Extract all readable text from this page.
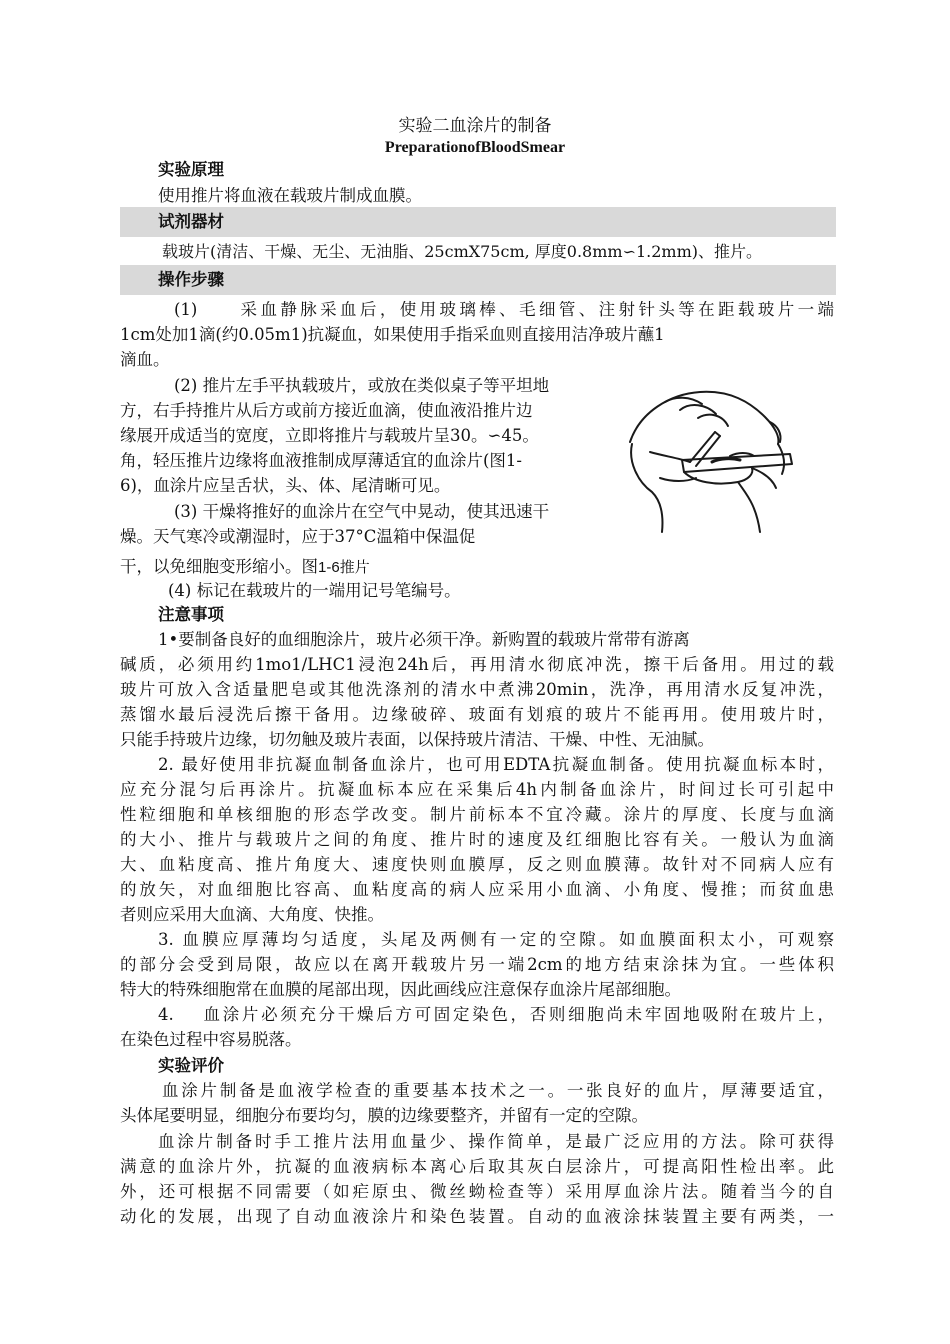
实验二血涂片的制备
PreparationofBloodSmear
实验原理
使用推片将血液在载玻片制成血膜。
试剂器材
载玻片(清洁、干燥、无尘、无油脂、25cmX75cm, 厚度0.8mm∽1.2mm)、推片。
操作步骤
(1)　　采血静脉采血后，使用玻璃棒、毛细管、注射针头等在距载玻片一端
1cm处加1滴(约0.05m1)抗凝血，如果使用手指采血则直接用洁净玻片蘸1
滴血。
(2) 推片左手平执载玻片，或放在类似桌子等平坦地
方，右手持推片从后方或前方接近血滴，使血液沿推片边
缘展开成适当的宽度，立即将推片与载玻片呈30。∽45。
角，轻压推片边缘将血液推制成厚薄适宜的血涂片(图1-
6)，血涂片应呈舌状，头、体、尾清晰可见。
(3) 干燥将推好的血涂片在空气中晃动，使其迅速干
燥。天气寒冷或潮湿时，应于37°C温箱中保温促
干，以免细胞变形缩小。图1-6推片
(4) 标记在载玻片的一端用记号笔编号。
注意事项
1•要制备良好的血细胞涂片，玻片必须干净。新购置的载玻片常带有游离
碱质，必须用约1mo1/LHC1浸泡24h后，再用清水彻底冲洗，擦干后备用。用过的载
玻片可放入含适量肥皂或其他洗涤剂的清水中煮沸20min，洗净，再用清水反复冲洗，
蒸馏水最后浸洗后擦干备用。边缘破碎、玻面有划痕的玻片不能再用。使用玻片时，
只能手持玻片边缘，切勿触及玻片表面，以保持玻片清洁、干燥、中性、无油腻。
2. 最好使用非抗凝血制备血涂片，也可用EDTA抗凝血制备。使用抗凝血标本时，
应充分混匀后再涂片。抗凝血标本应在采集后4h内制备血涂片，时间过长可引起中
性粒细胞和单核细胞的形态学改变。制片前标本不宜冷藏。涂片的厚度、长度与血滴
的大小、推片与载玻片之间的角度、推片时的速度及红细胞比容有关。一般认为血滴
大、血粘度高、推片角度大、速度快则血膜厚，反之则血膜薄。故针对不同病人应有
的放矢，对血细胞比容高、血粘度高的病人应采用小血滴、小角度、慢推；而贫血患
者则应采用大血滴、大角度、快推。
3. 血膜应厚薄均匀适度，头尾及两侧有一定的空隙。如血膜面积太小，可观察
的部分会受到局限，故应以在离开载玻片另一端2cm的地方结束涂抹为宜。一些体积
特大的特殊细胞常在血膜的尾部出现，因此画线应注意保存血涂片尾部细胞。
4.　 血涂片必须充分干燥后方可固定染色，否则细胞尚未牢固地吸附在玻片上，
在染色过程中容易脱落。
实验评价
血涂片制备是血液学检查的重要基本技术之一。一张良好的血片，厚薄要适宜，
头体尾要明显，细胞分布要均匀，膜的边缘要整齐，并留有一定的空隙。
血涂片制备时手工推片法用血量少、操作简单，是最广泛应用的方法。除可获得
满意的血涂片外，抗凝的血液病标本离心后取其灰白层涂片，可提高阳性检出率。此
外，还可根据不同需要（如疟原虫、微丝蚴检查等）采用厚血涂片法。随着当今的自
动化的发展，出现了自动血液涂片和染色装置。自动的血液涂抹装置主要有两类，一
